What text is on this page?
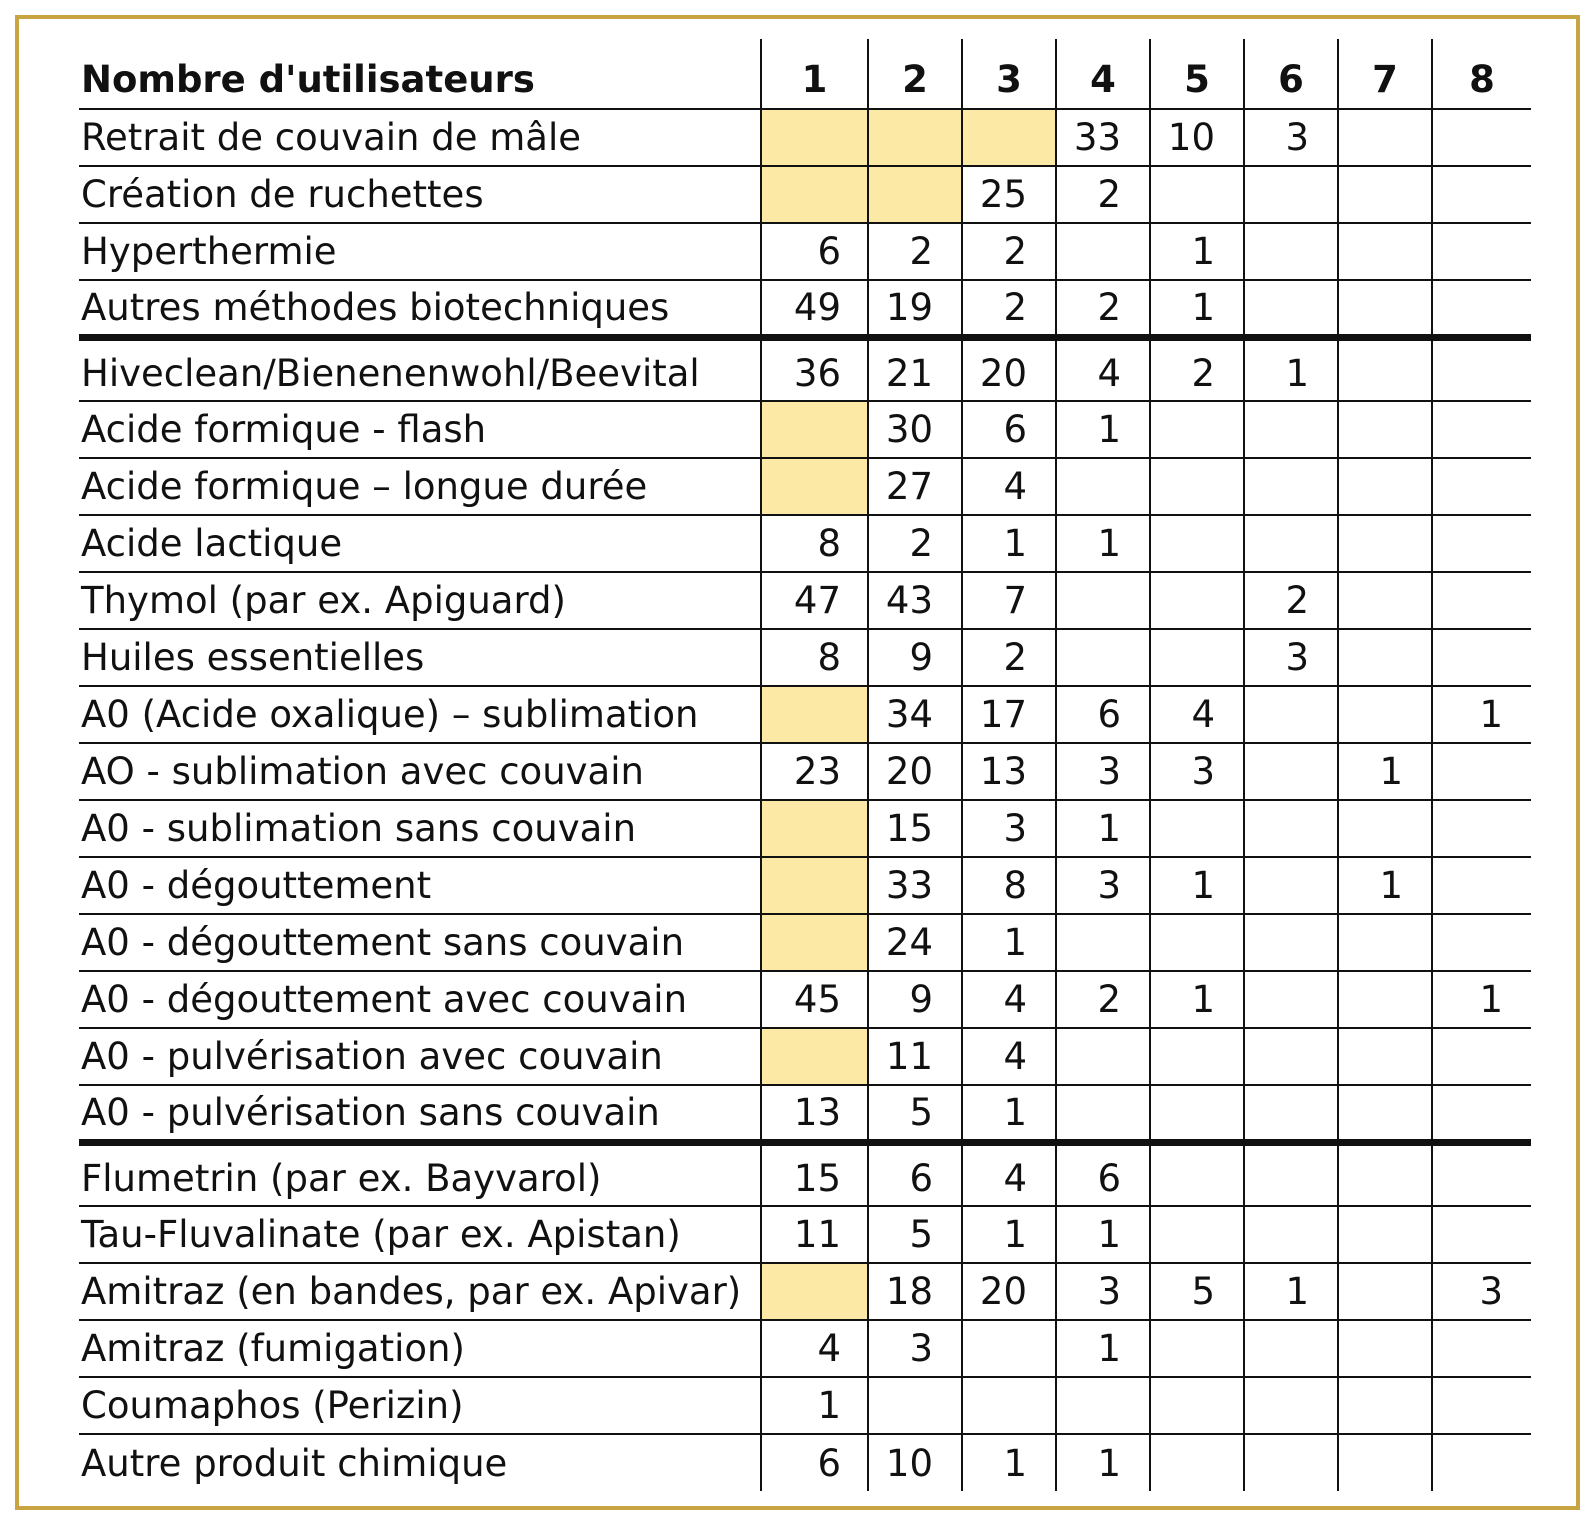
Nombre d'utilisateurs	1	2	3	4	5	6	7	8
Retrait de couvain de mâle				33	10	3		
Création de ruchettes			25	2				
Hyperthermie	6	2	2		1			
Autres méthodes biotechniques	49	19	2	2	1			
Hiveclean/Bienenenwohl/Beevital	36	21	20	4	2	1		
Acide formique - flash		30	6	1				
Acide formique – longue durée		27	4					
Acide lactique	8	2	1	1				
Thymol (par ex. Apiguard)	47	43	7			2		
Huiles essentielles	8	9	2			3		
A0 (Acide oxalique) – sublimation		34	17	6	4			1
AO - sublimation avec couvain	23	20	13	3	3		1	
A0 - sublimation sans couvain		15	3	1				
A0 - dégouttement		33	8	3	1		1	
A0 - dégouttement sans couvain		24	1					
A0 - dégouttement avec couvain	45	9	4	2	1			1
A0 - pulvérisation avec couvain		11	4					
A0 - pulvérisation sans couvain	13	5	1					
Flumetrin (par ex. Bayvarol)	15	6	4	6				
Tau-Fluvalinate (par ex. Apistan)	11	5	1	1				
Amitraz (en bandes, par ex. Apivar)		18	20	3	5	1		3
Amitraz (fumigation)	4	3		1				
Coumaphos (Perizin)	1							
Autre produit chimique	6	10	1	1				
